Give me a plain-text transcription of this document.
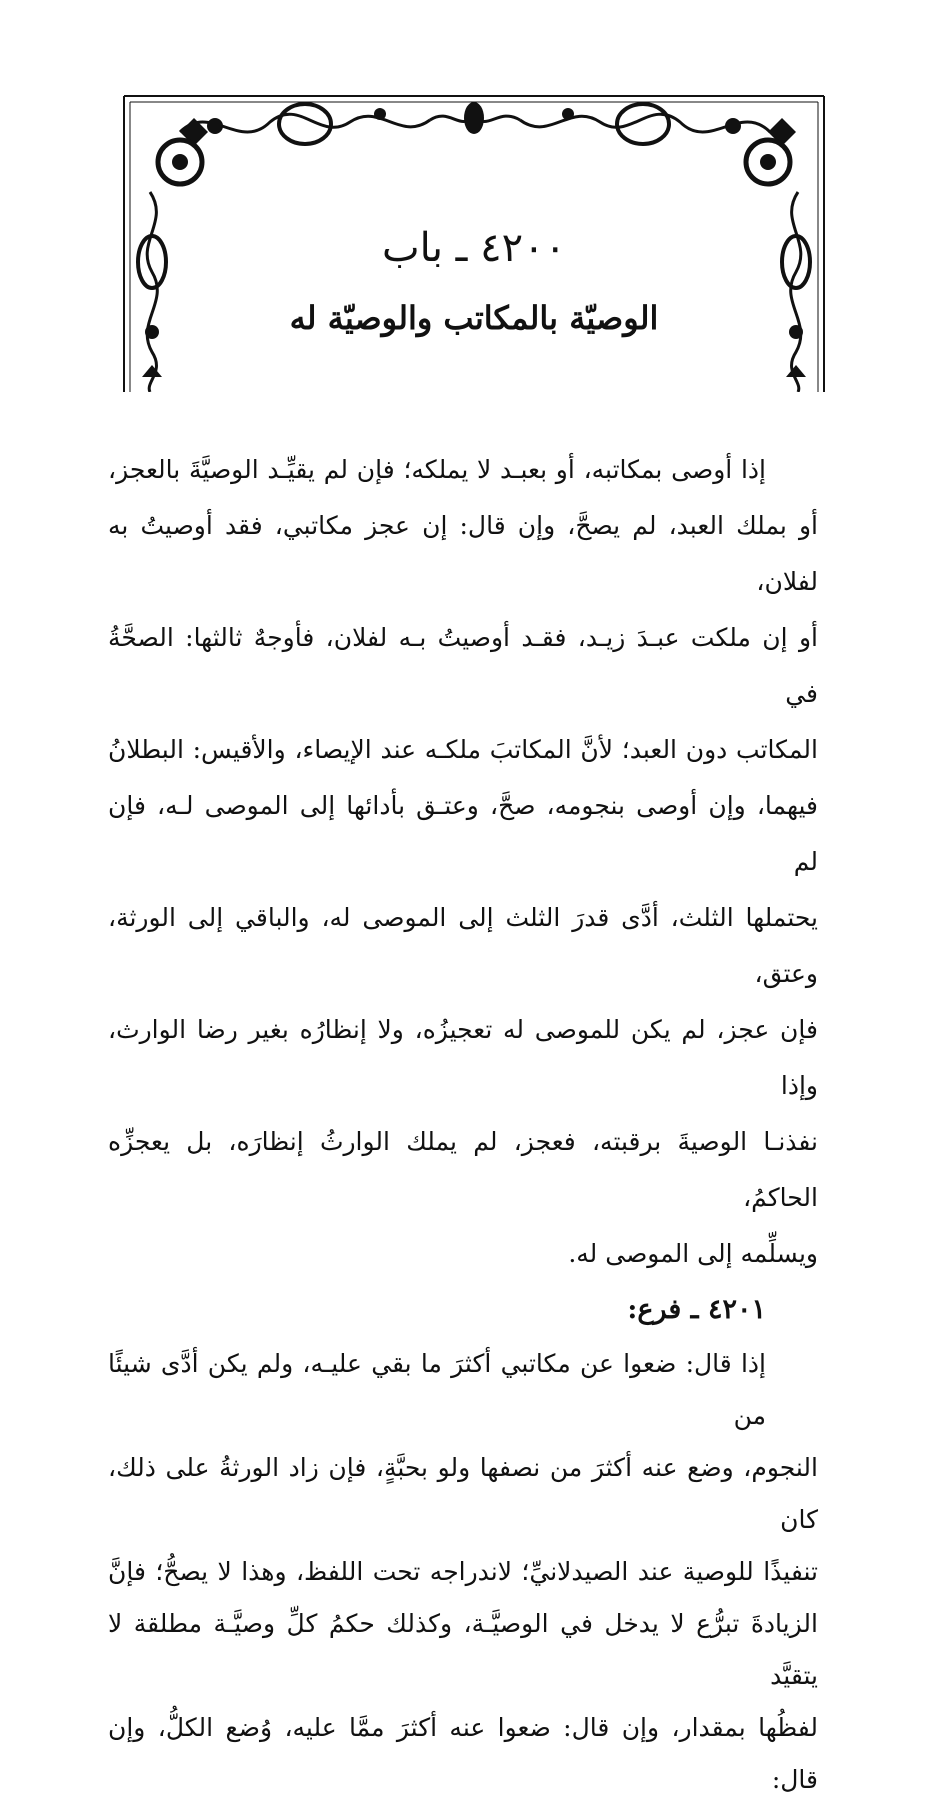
٤٢٠٠ ـ باب
الوصيّة بالمكاتب والوصيّة له

إذا أوصى بمكاتبه، أو بعبـد لا يملكه؛ فإن لم يقيِّـد الوصيَّةَ بالعجز،
أو بملك العبد، لم يصحَّ، وإن قال: إن عجز مكاتبي، فقد أوصيتُ به لفلان،
أو إن ملكت عبـدَ زيـد، فقـد أوصيتُ بـه لفلان، فأوجهٌ ثالثها: الصحَّةُ في
المكاتب دون العبد؛ لأنَّ المكاتبَ ملكـه عند الإيصاء، والأقيس: البطلانُ
فيهما، وإن أوصى بنجومه، صحَّ، وعتـق بأدائها إلى الموصى لـه، فإن لم
يحتملها الثلث، أدَّى قدرَ الثلث إلى الموصى له، والباقي إلى الورثة، وعتق،
فإن عجز، لم يكن للموصى له تعجيزُه، ولا إنظارُه بغير رضا الوارث، وإذا
نفذنـا الوصيةَ برقبته، فعجز، لم يملك الوارثُ إنظارَه، بل يعجزِّه الحاكمُ،
ويسلِّمه إلى الموصى له.

٤٢٠١ ـ فرع:

إذا قال: ضعوا عن مكاتبي أكثرَ ما بقي عليـه، ولم يكن أدَّى شيئًا من
النجوم، وضع عنه أكثرَ من نصفها ولو بحبَّةٍ، فإن زاد الورثةُ على ذلك، كان
تنفيذًا للوصية عند الصيدلانيِّ؛ لاندراجه تحت اللفظ، وهذا لا يصحُّ؛ فإنَّ
الزيادةَ تبرُّع لا يدخل في الوصيَّـة، وكذلك حكمُ كلِّ وصيَّـة مطلقة لا يتقيَّد
لفظُها بمقدار، وإن قال: ضعوا عنه أكثرَ ممَّا عليه، وُضع الكلُّ، وإن قال:
